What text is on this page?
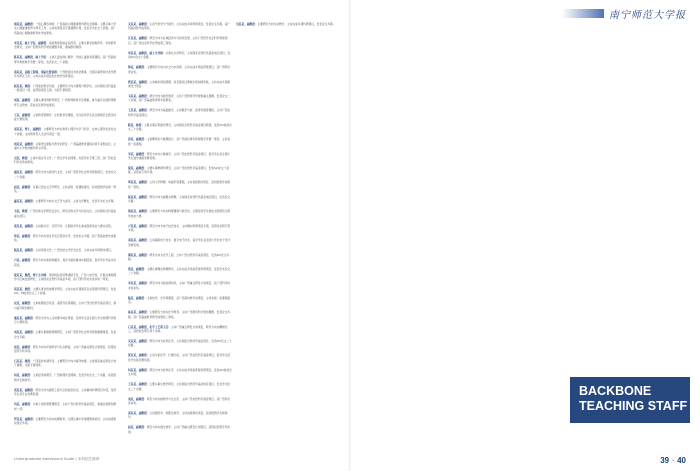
南宁师范大学报

胡某某，副教授：一级心理咨询师，广西高校心理健康教育研究会理事。主要从事大学生心理健康教育与研究工作。主持省部级及厅级课题多项，发表学术论文十余篇，获广西高校心理健康教育优秀成果奖。

李某某，硕士学位，副教授：高校教师资格证获得者，主要从事学前教育学、学前教育史研究，主持广西教育科学规划课题多项，参编教材两部。

陈某某，副教授，硕士学位：主讲儿童发展心理学、学前儿童游戏等课程。获广西高校青年教师教学竞赛二等奖，发表论文二十余篇。

黄某某，高级工程师，国家注册讲师：广西教育技术协会理事，长期从事教育技术学教学与研究工作，主持完成多项信息化教学改革项目。

杨某某，教授：广西高校教学名师，主要研究方向为课程与教学论，主持国家社科基金一般项目一项，省部级项目五项，出版专著两部。

刘某，副教授：主要从事特殊教育研究，广西特殊教育学会理事，参与编写全国特殊教育专业教材，获自治区教学成果奖。

王某，副教授：主讲教育管理学、比较教育学课程，多次指导学生获全国师范生教学技能大赛奖项。

邓某某，博士，副教授：主要研究方向为教育心理学与学习科学，在核心期刊发表论文十余篇，主持教育部人文社科项目一项。

周某某，副教授：从事语文课程与教学论研究，广西基础教育课程改革专家组成员，主编中小学教材辅导用书多部。

吴某，教授：主讲中国古代文学，广西文学学会理事，出版学术专著三部，获广西社会科学优秀成果奖。

谢某某，副教授：研究方向为现当代文学，主持广西哲学社会科学规划项目，发表论文二十余篇。

赵某，副教授：从事汉语言文字学研究，主持省级一流课程建设，获校级教学成果一等奖。

廖某某，副教授：主要研究方向为文艺学与美学，主讲文学概论，发表学术论文多篇。

韦某，教授：广西民族文学研究会会长，研究壮族文学与民间文化，主持国家社科基金重点项目。

梁某某，副教授：主讲秘书学、应用写作，长期指导学生参加创新创业大赛并获奖。

覃某，副教授：研究方向为语言学及应用语言学，发表论文多篇，获广西高校教学成果奖。

陆某某，副教授：主讲外国文学，广西比较文学学会会员，主持完成多项教改项目。

卢某，副教授：研究方向为新闻传播学，具有丰富的媒体实践经验，指导学生作品多次获奖。

蒙某某，教授，博士生导师：国务院政府特殊津贴专家，广西八桂学者，长期从事地理学与区域发展研究，主持国家自然科学基金多项，获广西科学技术进步奖一等奖。

莫某某，教授：主要从事自然地理学研究，主持完成多项国家及省部级科研项目，发表SCI、EI收录论文三十余篇。

农某，副教授：主讲地理信息系统、遥感导论等课程，主持广西自然科学基金项目，参与编写规划教材。

潘某某，副教授：研究方向为人文地理与城乡规划，指导学生获全国大学生地理科学展示大赛奖项。

刘某某，副教授：主要从事旅游管理研究，主持广西哲学社会科学规划课题两项，发表论文多篇。

唐某，副教授：研究方向为环境科学与生态修复，主持广西重点研发计划项目，获授权发明专利多项。

石某某，教授：广西高校卓越学者，主要研究方向为海洋地理，主持国家重点研发计划子课题，出版专著两部。

何某，副教授：主讲经济地理学，广西地理学会理事，发表学术论文二十余篇，获校级教学名师称号。

黄某某，副教授：研究方向为测绘工程与空间信息技术，主持横向科研项目多项，指导学生获专业竞赛奖项。

冯某，副教授：从事土地资源管理研究，主持广西自然科学基金项目，参编全国规划教材一部。

罗某某，副教授：主要研究方向为地理教育，长期从事中学地理教师培训，主持省级教改项目多项。

关某某，副教授：主讲气象学与气候学，主持完成多项科研项目，发表论文多篇，获广西高校教学成果奖。

甘某某，副教授：研究方向为区域经济与可持续发展，主持广西哲学社会科学规划项目，获广西社会科学优秀成果三等奖。

岑某某，副教授，硕士生导师：从事生态学研究，主持国家自然科学基金地区项目，发表SCI论文十余篇。

钟某，副教授：主要研究方向为水文与水资源，主持完成多项省部级项目，获广西科技进步奖。

曾某某，副教授：主讲城乡规划原理，具有国家注册城乡规划师资格，主持完成多项规划设计项目。

韦某某，副教授：研究方向为数学教育，主持广西教育科学规划重点课题，发表论文二十余篇，获广西基础教育教学成果奖。

王某某，副教授：研究方向为基础数学，主讲数学分析、高等代数等课程，主持广西自然科学基金项目。

陈某，教授：主要从事应用数学研究，主持国家自然科学基金项目两项，发表SCI收录论文三十余篇。

黄某，副教授：主讲概率论与数理统计，获广西高校青年教师教学竞赛一等奖，主持省级一流课程。

李某，副教授：研究方向为计算数学，主持广西自然科学基金项目，指导学生获全国大学生数学建模竞赛奖项。

蒙某，副教授：主要从事物理学研究，主持广西自然科学基金项目，发表SCI论文十余篇，获授权专利多项。

覃某某，副教授：主讲大学物理、电磁学等课程，主持省级教改项目，获校级教学成果奖一等奖。

杨某某，副教授：研究方向为凝聚态物理，主持国家自然科学基金地区项目，发表论文多篇。

胡某某，副教授：主要研究方向为物理课程与教学论，长期指导学生参加全国师范生教学技能大赛。

卢某某，副教授：研究方向为电子信息技术，主持横向科研项目多项，获授权发明专利多项。

邓某某，副教授：主讲模拟电子技术、数字电子技术，指导学生获全国大学生电子设计竞赛奖项。

谭某某，副教授：研究方向为光学工程，主持广西自然科学基金项目，发表SCI论文多篇。

梁某，副教授：主要从事理论物理研究，主持完成多项省部级科研项目，发表学术论文二十余篇。

李某某，副教授：研究方向为新能源材料，主持广西重点研发计划项目，获广西科学技术进步奖。

陆某，副教授：主讲热学、光学等课程，获广西高校教学成果奖，主持省级一流课程建设。

林某某，副教授：主要研究方向为化学教育，主持广西教育科学规划课题，发表论文多篇，获广西基础教育教学成果奖二等奖。

石某某，副教授，化学工艺系主任：主持广西重点研发计划项目，研究方向为精细化工，获授权发明专利十余项。

宋某某，副教授：研究方向为有机化学，主持国家自然科学基金项目，发表SCI论文二十余篇。

张某某，副教授：主讲分析化学、仪器分析，主持广西自然科学基金项目，指导学生获化学实验竞赛奖项。

何某某，副教授：研究方向为材料化学，主持完成多项省部级科研项目，发表SCI收录论文多篇。

王某某，副教授：主要从事生物学研究，主持国家自然科学基金地区项目，发表学术论文二十余篇。

刘某，副教授：研究方向为植物学与生态学，主持广西自然科学基金项目，获广西科技进步奖。

黄某某，副教授：主讲遗传学、细胞生物学，主持省级教改项目，获校级教学名师称号。

赵某，副教授：研究方向为微生物学，主持广西重点研发计划项目，获授权发明专利多项。

吴某某，副教授：主要研究方向为动物学，主持完成多项科研项目，发表论文多篇。

BACKBONE
TEACHING STAFF
Undergraduate Admissions Guide | 本科招生简章	39・40
